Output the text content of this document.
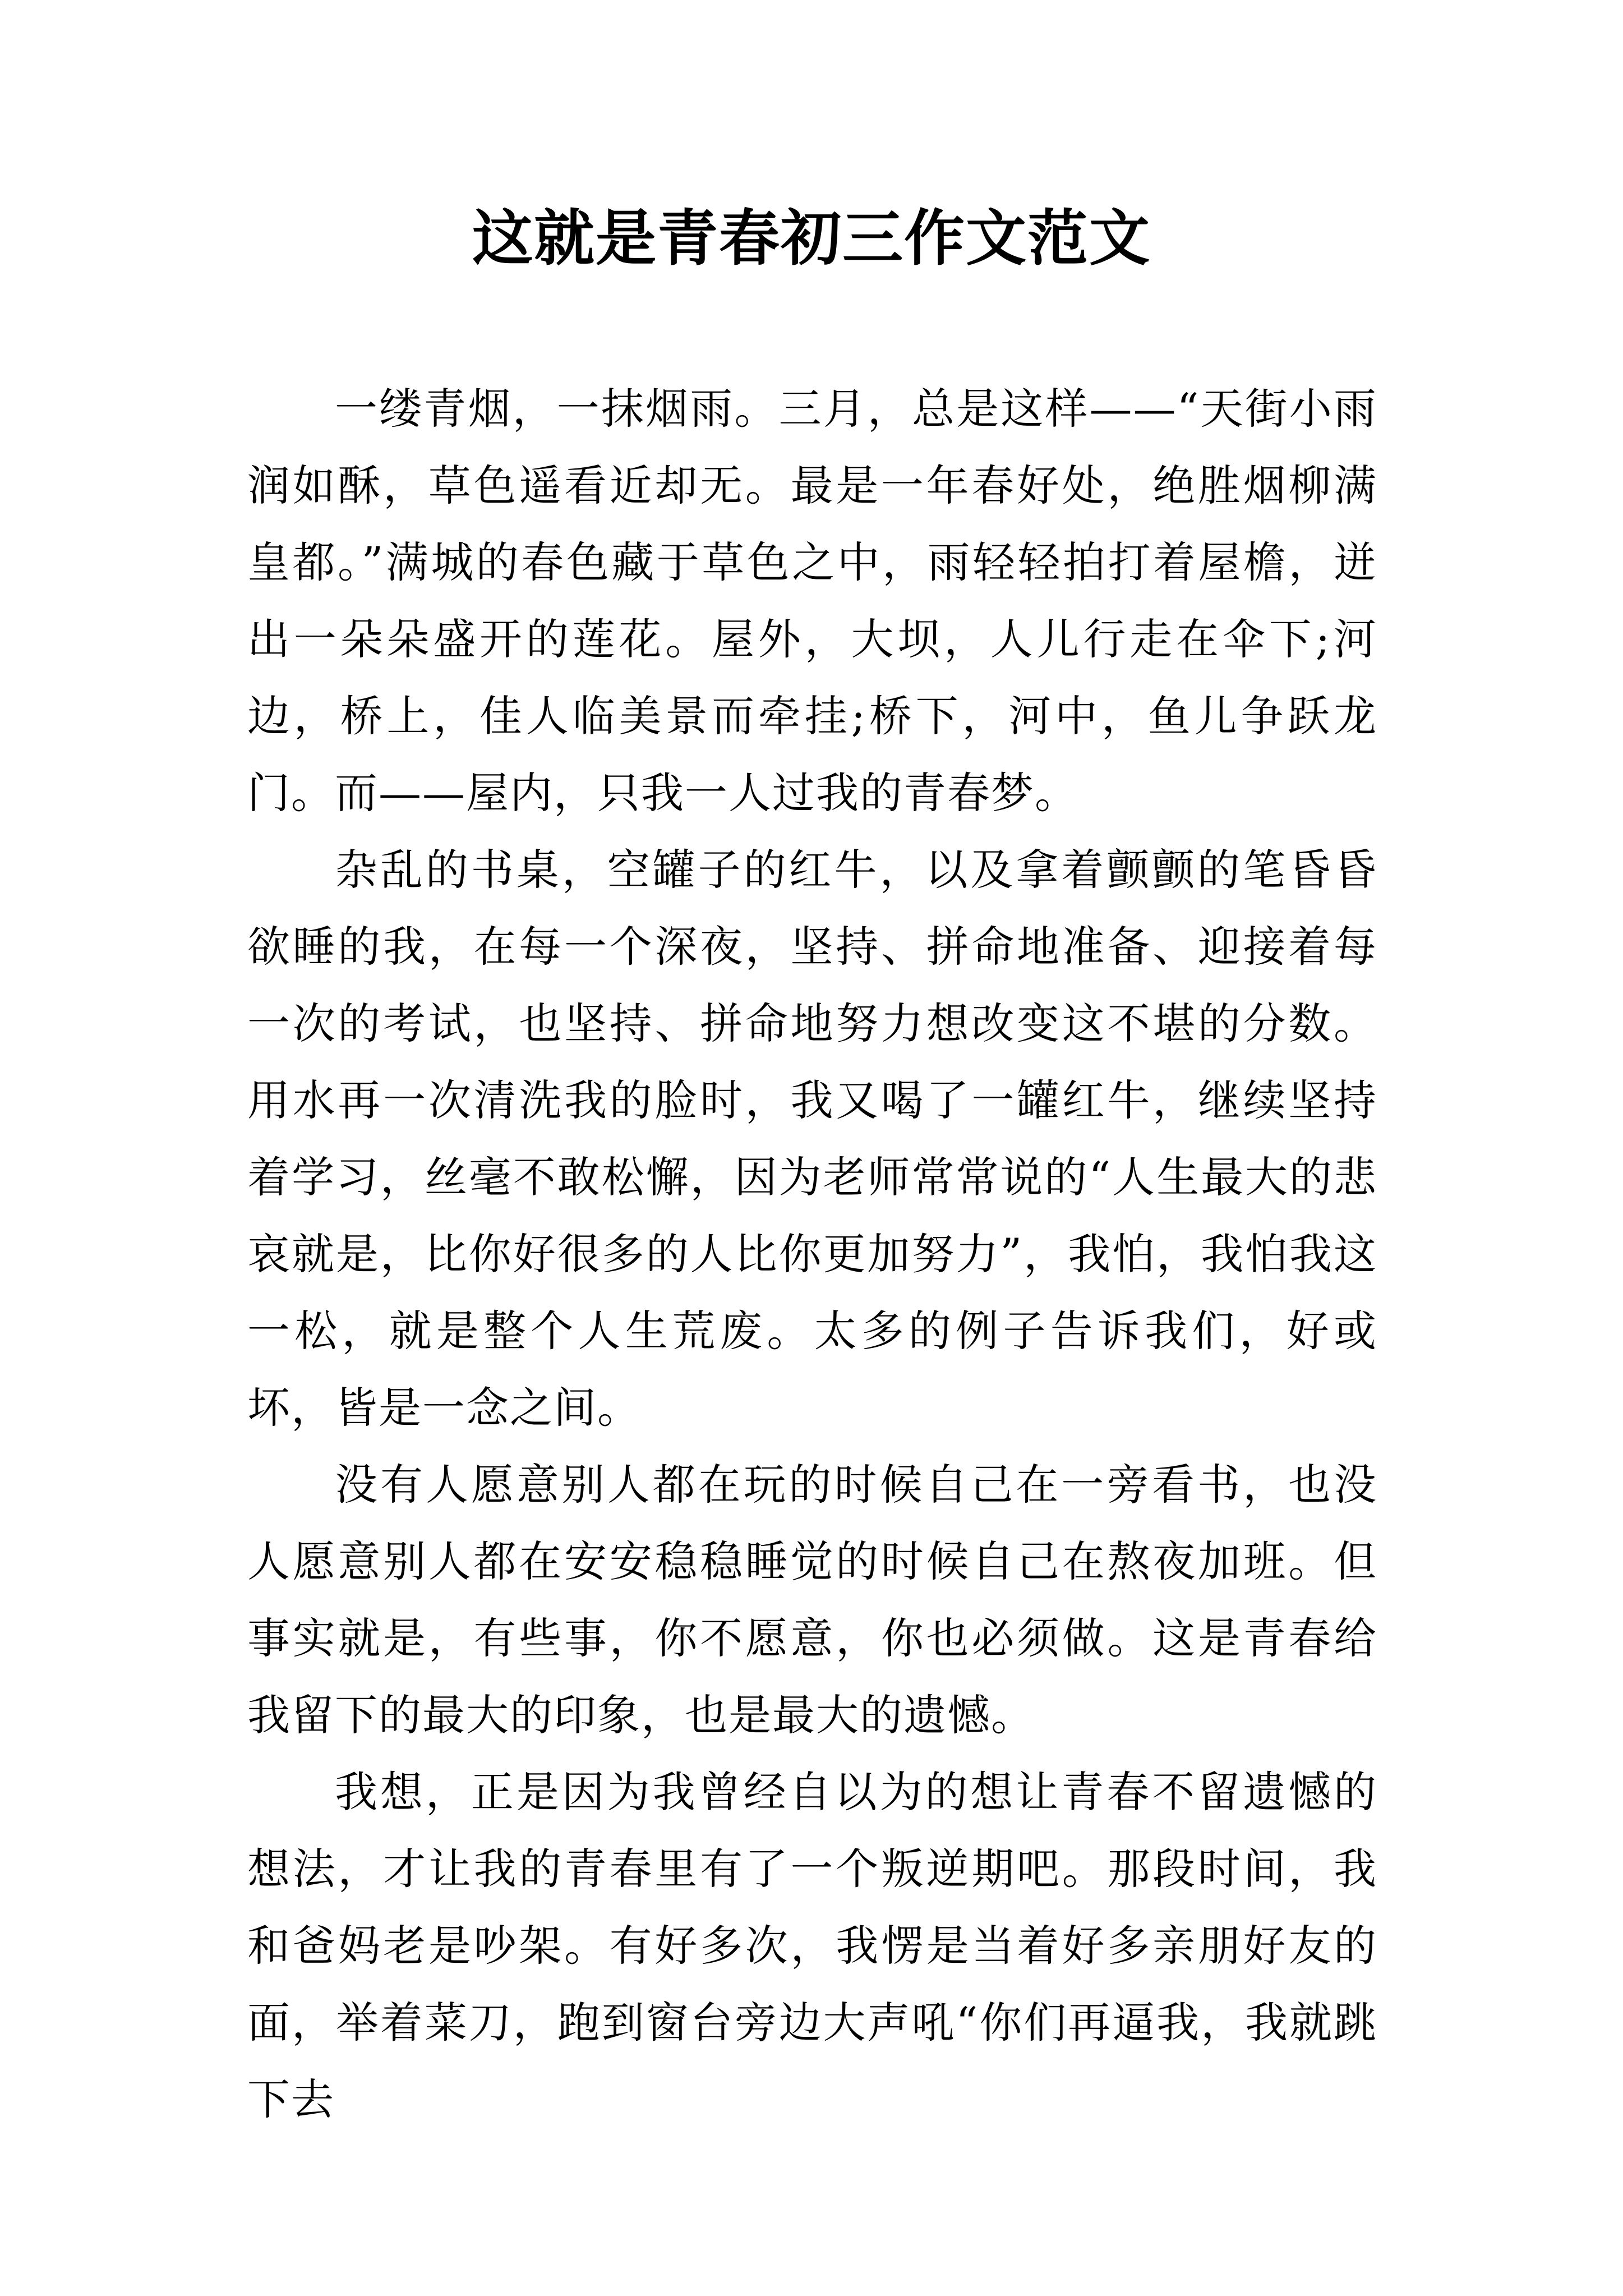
这就是青春初三作文范文

一缕青烟，一抹烟雨。三月，总是这样——“天街小雨润如酥，草色遥看近却无。最是一年春好处，绝胜烟柳满皇都。”满城的春色藏于草色之中，雨轻轻拍打着屋檐，迸出一朵朵盛开的莲花。屋外，大坝，人儿行走在伞下;河边，桥上，佳人临美景而牵挂;桥下，河中，鱼儿争跃龙门。而——屋内，只我一人过我的青春梦。

杂乱的书桌，空罐子的红牛，以及拿着颤颤的笔昏昏欲睡的我，在每一个深夜，坚持、拼命地准备、迎接着每一次的考试，也坚持、拼命地努力想改变这不堪的分数。用水再一次清洗我的脸时，我又喝了一罐红牛，继续坚持着学习，丝毫不敢松懈，因为老师常常说的“人生最大的悲哀就是，比你好很多的人比你更加努力”，我怕，我怕我这一松，就是整个人生荒废。太多的例子告诉我们，好或坏，皆是一念之间。

没有人愿意别人都在玩的时候自己在一旁看书，也没人愿意别人都在安安稳稳睡觉的时候自己在熬夜加班。但事实就是，有些事，你不愿意，你也必须做。这是青春给我留下的最大的印象，也是最大的遗憾。

我想，正是因为我曾经自以为的想让青春不留遗憾的想法，才让我的青春里有了一个叛逆期吧。那段时间，我和爸妈老是吵架。有好多次，我愣是当着好多亲朋好友的面，举着菜刀，跑到窗台旁边大声吼“你们再逼我，我就跳下去
